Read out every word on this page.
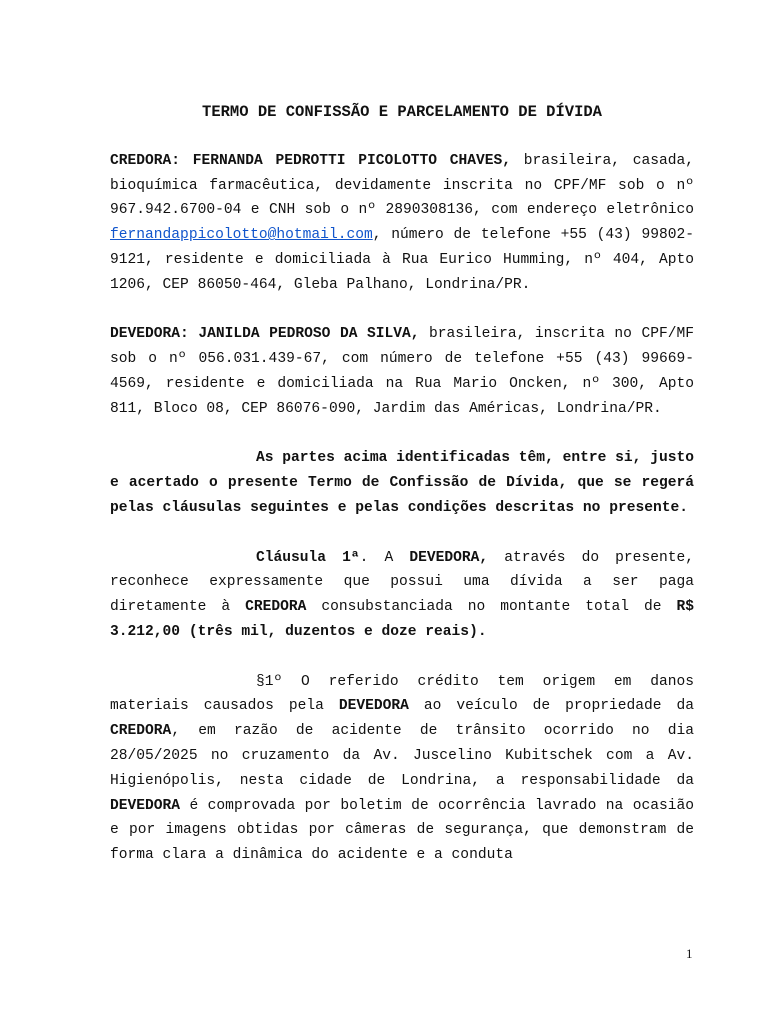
TERMO DE CONFISSÃO E PARCELAMENTO DE DÍVIDA

CREDORA: FERNANDA PEDROTTI PICOLOTTO CHAVES, brasileira, casada, bioquímica farmacêutica, devidamente inscrita no CPF/MF sob o nº 967.942.6700-04 e CNH sob o nº 2890308136, com endereço eletrônico fernandappicolotto@hotmail.com, número de telefone +55 (43) 99802-9121, residente e domiciliada à Rua Eurico Humming, nº 404, Apto 1206, CEP 86050-464, Gleba Palhano, Londrina/PR.

DEVEDORA: JANILDA PEDROSO DA SILVA, brasileira, inscrita no CPF/MF sob o nº 056.031.439-67, com número de telefone +55 (43) 99669-4569, residente e domiciliada na Rua Mario Oncken, nº 300, Apto 811, Bloco 08, CEP 86076-090, Jardim das Américas, Londrina/PR.

As partes acima identificadas têm, entre si, justo e acertado o presente Termo de Confissão de Dívida, que se regerá pelas cláusulas seguintes e pelas condições descritas no presente.

Cláusula 1ª. A DEVEDORA, através do presente, reconhece expressamente que possui uma dívida a ser paga diretamente à CREDORA consubstanciada no montante total de R$ 3.212,00 (três mil, duzentos e doze reais).

§1º O referido crédito tem origem em danos materiais causados pela DEVEDORA ao veículo de propriedade da CREDORA, em razão de acidente de trânsito ocorrido no dia 28/05/2025 no cruzamento da Av. Juscelino Kubitschek com a Av. Higienópolis, nesta cidade de Londrina, a responsabilidade da DEVEDORA é comprovada por boletim de ocorrência lavrado na ocasião e por imagens obtidas por câmeras de segurança, que demonstram de forma clara a dinâmica do acidente e a conduta

1
